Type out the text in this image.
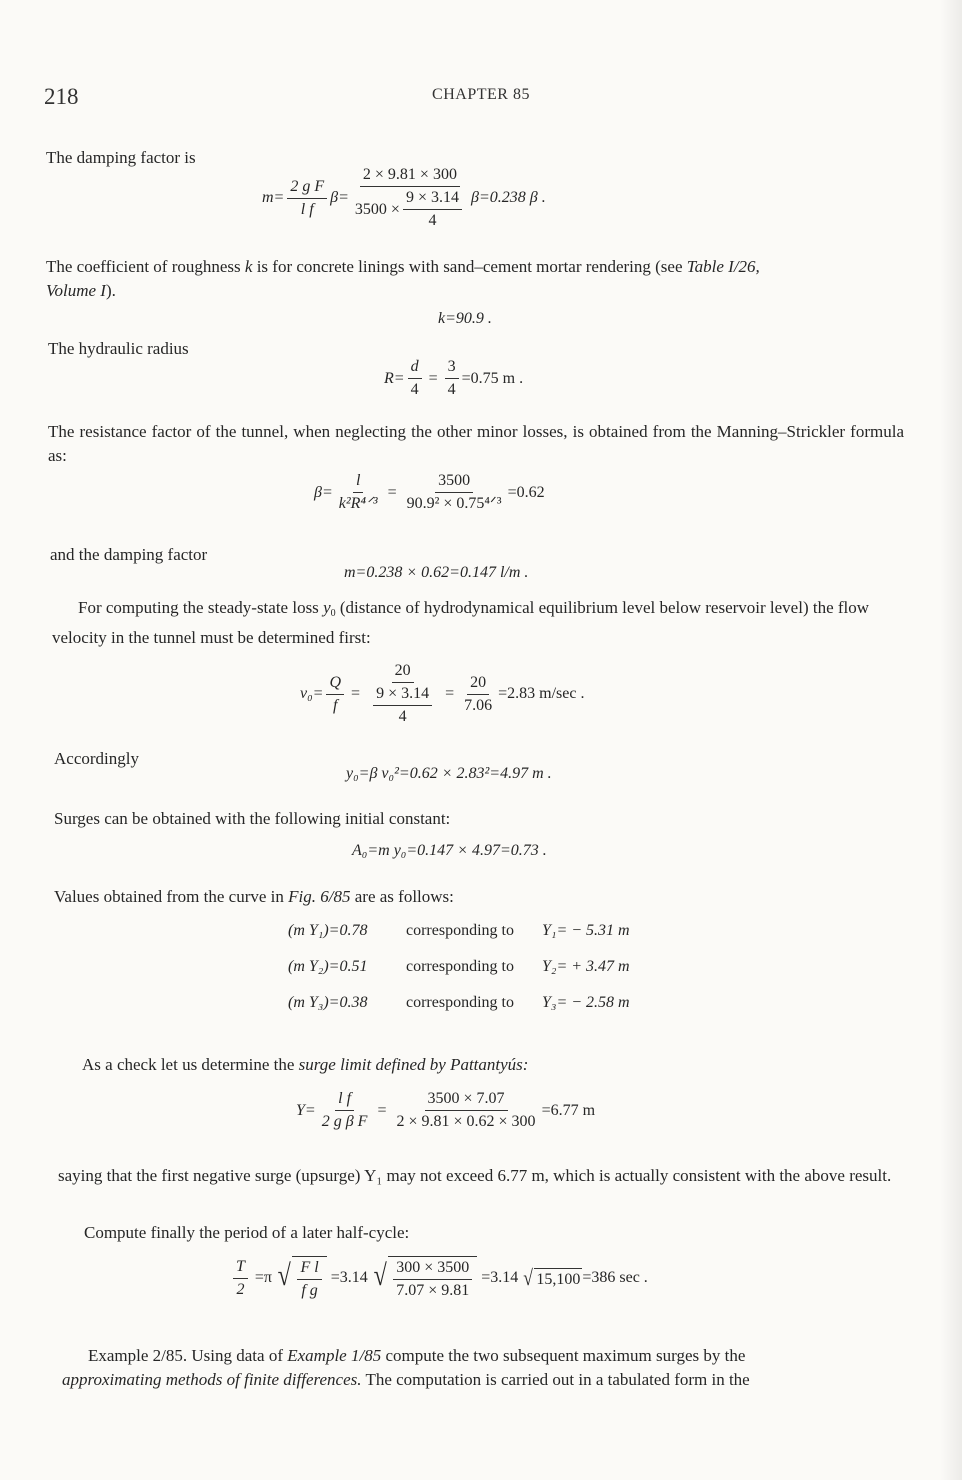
218	CHAPTER 85
The damping factor is
$m= \frac{\text{2 g F}}{\text{l f}} \beta= \frac{2 \times 9.81 \times 300}{3500 \times \frac{9 \times 3.14}{4}} \beta=0.238$ β .
The coefficient of roughness k is for concrete linings with sand–cement mortar rendering (see Table I/26,
Volume I).
k=90.9 .
The hydraulic radius
$R= \frac{d}{4} = \frac{3}{4} =0.75$ m .
The resistance factor of the tunnel, when neglecting the other minor losses, is obtained from the Manning–Strickler formula as:
$\beta= \frac{l}{\text{k²R⁴ᐟ³}} = \frac{3500}{\text{90.9² × 0.75⁴ᐟ³}} =0.62$
and the damping factor
m=0.238 × 0.62=0.147 l/m .
For computing the steady-state loss $y_0$ (distance of hydrodynamical equilibrium level below reservoir level) the flow velocity in the tunnel must be determined first:
$v_0= \frac{Q}{f} = \frac{20}{\frac{9 \times 3.14}{4}} = \frac{20}{7.06} =2.83$ m/sec .
Accordingly
y₀=β v₀²=0.62 × 2.83²=4.97 m .
Surges can be obtained with the following initial constant:
A₀=m y₀=0.147 × 4.97=0.73 .
Values obtained from the curve in Fig. 6/85 are as follows:
(m Y₁)=0.78 corresponding to Y₁= − 5.31 m
(m Y₂)=0.51 corresponding to Y₂= + 3.47 m
(m Y₃)=0.38 corresponding to Y₃= − 2.58 m
As a check let us determine the surge limit defined by Pattantyús:
$Y= \frac{\text{l f}}{\text{2 g β F}} = \frac{3500 \times 7.07}{2 \times 9.81 \times 0.62 \times 300} =6.77$ m
saying that the first negative surge (upsurge) Y₁ may not exceed 6.77 m, which is actually consistent with the above result.
Compute finally the period of a later half-cycle:
$\frac{T}{2} =\pi$ √ $\frac{\text{F l}}{\text{f g}} =3.14$ √ $\frac{300 \times 3500}{7.07 \times 9.81} =3.14$ √ 15,100 =386 sec .
Example 2/85. Using data of Example 1/85 compute the two subsequent maximum surges by the
approximating methods of finite differences. The computation is carried out in a tabulated form in the
